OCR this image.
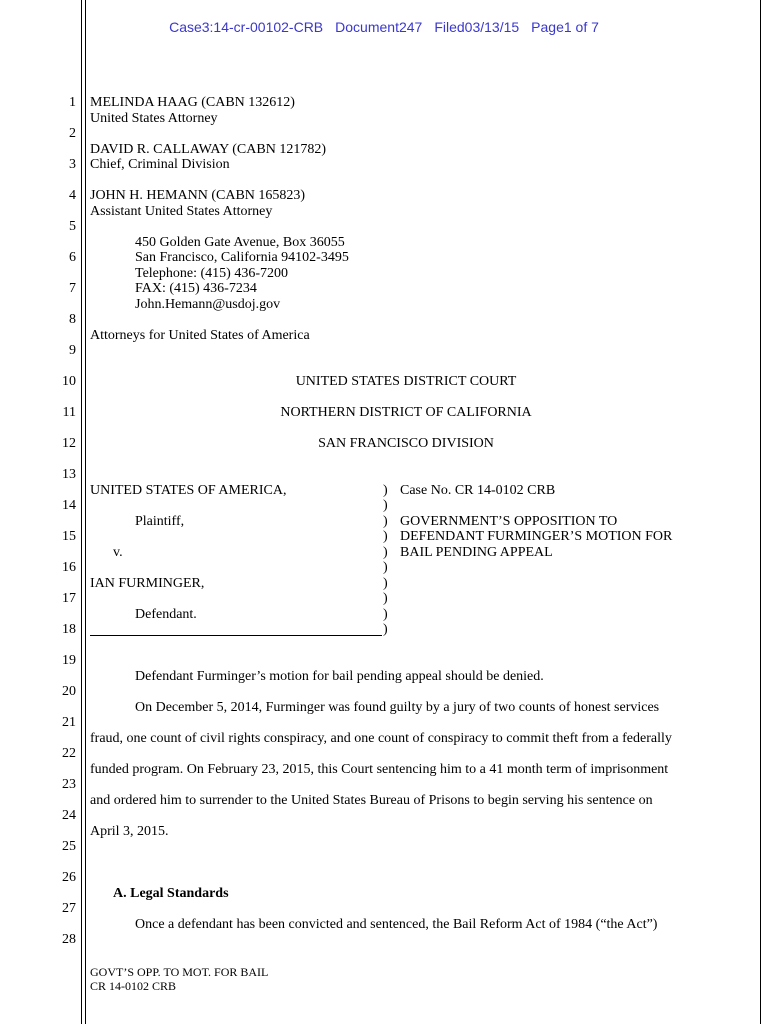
Case3:14-cr-00102-CRB Document247 Filed03/13/15 Page1 of 7
1
2
3
4
5
6
7
8
9
10
11
12
13
14
15
16
17
18
19
20
21
22
23
24
25
26
27
28
MELINDA HAAG (CABN 132612)
United States Attorney
DAVID R. CALLAWAY (CABN 121782)
Chief, Criminal Division
JOHN H. HEMANN (CABN 165823)
Assistant United States Attorney
450 Golden Gate Avenue, Box 36055
San Francisco, California 94102-3495
Telephone: (415) 436-7200
FAX: (415) 436-7234
John.Hemann@usdoj.gov
Attorneys for United States of America
UNITED STATES DISTRICT COURT
NORTHERN DISTRICT OF CALIFORNIA
SAN FRANCISCO DIVISION
UNITED STATES OF AMERICA,
Plaintiff,
v.
IAN FURMINGER,
Defendant.
)
)
)
)
)
)
)
)
)
)
Case No. CR 14-0102 CRB
GOVERNMENT’S OPPOSITION TO
DEFENDANT FURMINGER’S MOTION FOR
BAIL PENDING APPEAL
Defendant Furminger’s motion for bail pending appeal should be denied.
On December 5, 2014, Furminger was found guilty by a jury of two counts of honest services
fraud, one count of civil rights conspiracy, and one count of conspiracy to commit theft from a federally
funded program. On February 23, 2015, this Court sentencing him to a 41 month term of imprisonment
and ordered him to surrender to the United States Bureau of Prisons to begin serving his sentence on
April 3, 2015.
A. Legal Standards
Once a defendant has been convicted and sentenced, the Bail Reform Act of 1984 (“the Act”)
GOVT’S OPP. TO MOT. FOR BAIL
CR 14-0102 CRB
